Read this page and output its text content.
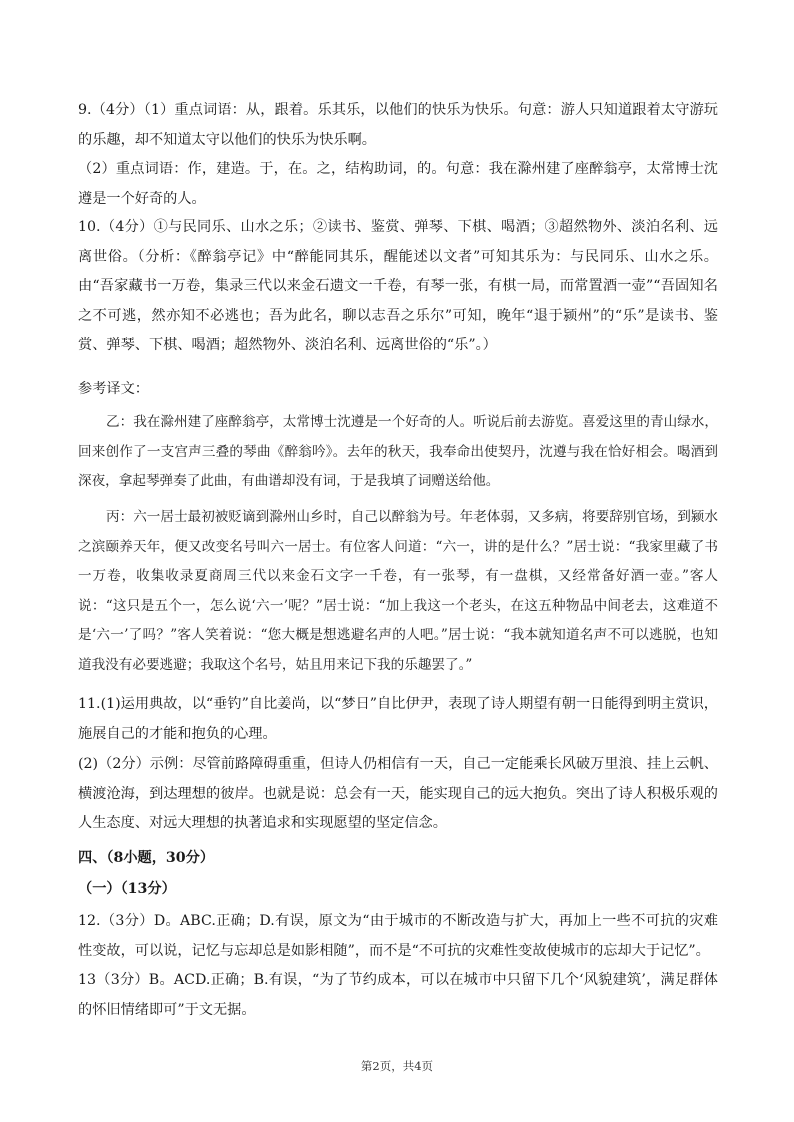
9.（4分）（1）重点词语：从，跟着。乐其乐，以他们的快乐为快乐。句意：游人只知道跟着太守游玩的乐趣，却不知道太守以他们的快乐为快乐啊。

（2）重点词语：作，建造。于，在。之，结构助词，的。句意：我在滁州建了座醉翁亭，太常博士沈遵是一个好奇的人。

10.（4分）①与民同乐、山水之乐；②读书、鉴赏、弹琴、下棋、喝酒；③超然物外、淡泊名利、远离世俗。（分析：《醉翁亭记》中“醉能同其乐，醒能述以文者”可知其乐为：与民同乐、山水之乐。由“吾家藏书一万卷，集录三代以来金石遗文一千卷，有琴一张，有棋一局，而常置酒一壶”“吾固知名之不可逃，然亦知不必逃也；吾为此名，聊以志吾之乐尔”可知，晚年“退于颍州”的“乐”是读书、鉴赏、弹琴、下棋、喝酒；超然物外、淡泊名利、远离世俗的“乐”。）

参考译文：

乙：我在滁州建了座醉翁亭，太常博士沈遵是一个好奇的人。听说后前去游览。喜爱这里的青山绿水，回来创作了一支宫声三叠的琴曲《醉翁吟》。去年的秋天，我奉命出使契丹，沈遵与我在恰好相会。喝酒到深夜，拿起琴弹奏了此曲，有曲谱却没有词，于是我填了词赠送给他。

丙：六一居士最初被贬谪到滁州山乡时，自己以醉翁为号。年老体弱，又多病，将要辞别官场，到颍水之滨颐养天年，便又改变名号叫六一居士。有位客人问道：“六一，讲的是什么？”居士说：“我家里藏了书一万卷，收集收录夏商周三代以来金石文字一千卷，有一张琴，有一盘棋，又经常备好酒一壶。”客人说：“这只是五个一，怎么说‘六一’呢？”居士说：“加上我这一个老头，在这五种物品中间老去，这难道不是‘六一’了吗？”客人笑着说：“您大概是想逃避名声的人吧。”居士说：“我本就知道名声不可以逃脱，也知道我没有必要逃避；我取这个名号，姑且用来记下我的乐趣罢了。”

11.(1)运用典故，以“垂钓”自比姜尚，以“梦日”自比伊尹，表现了诗人期望有朝一日能得到明主赏识，施展自己的才能和抱负的心理。

(2)（2分）示例：尽管前路障碍重重，但诗人仍相信有一天，自己一定能乘长风破万里浪、挂上云帆、横渡沧海，到达理想的彼岸。也就是说：总会有一天，能实现自己的远大抱负。突出了诗人积极乐观的人生态度、对远大理想的执著追求和实现愿望的坚定信念。

四、（8小题，30分）

（一）（13分）

12.（3分）D。ABC.正确；D.有误，原文为“由于城市的不断改造与扩大，再加上一些不可抗的灾难性变故，可以说，记忆与忘却总是如影相随”，而不是“不可抗的灾难性变故使城市的忘却大于记忆”。

13（3分）B。ACD.正确；B.有误，“为了节约成本，可以在城市中只留下几个‘风貌建筑’，满足群体的怀旧情绪即可”于文无据。

第2页，共4页
